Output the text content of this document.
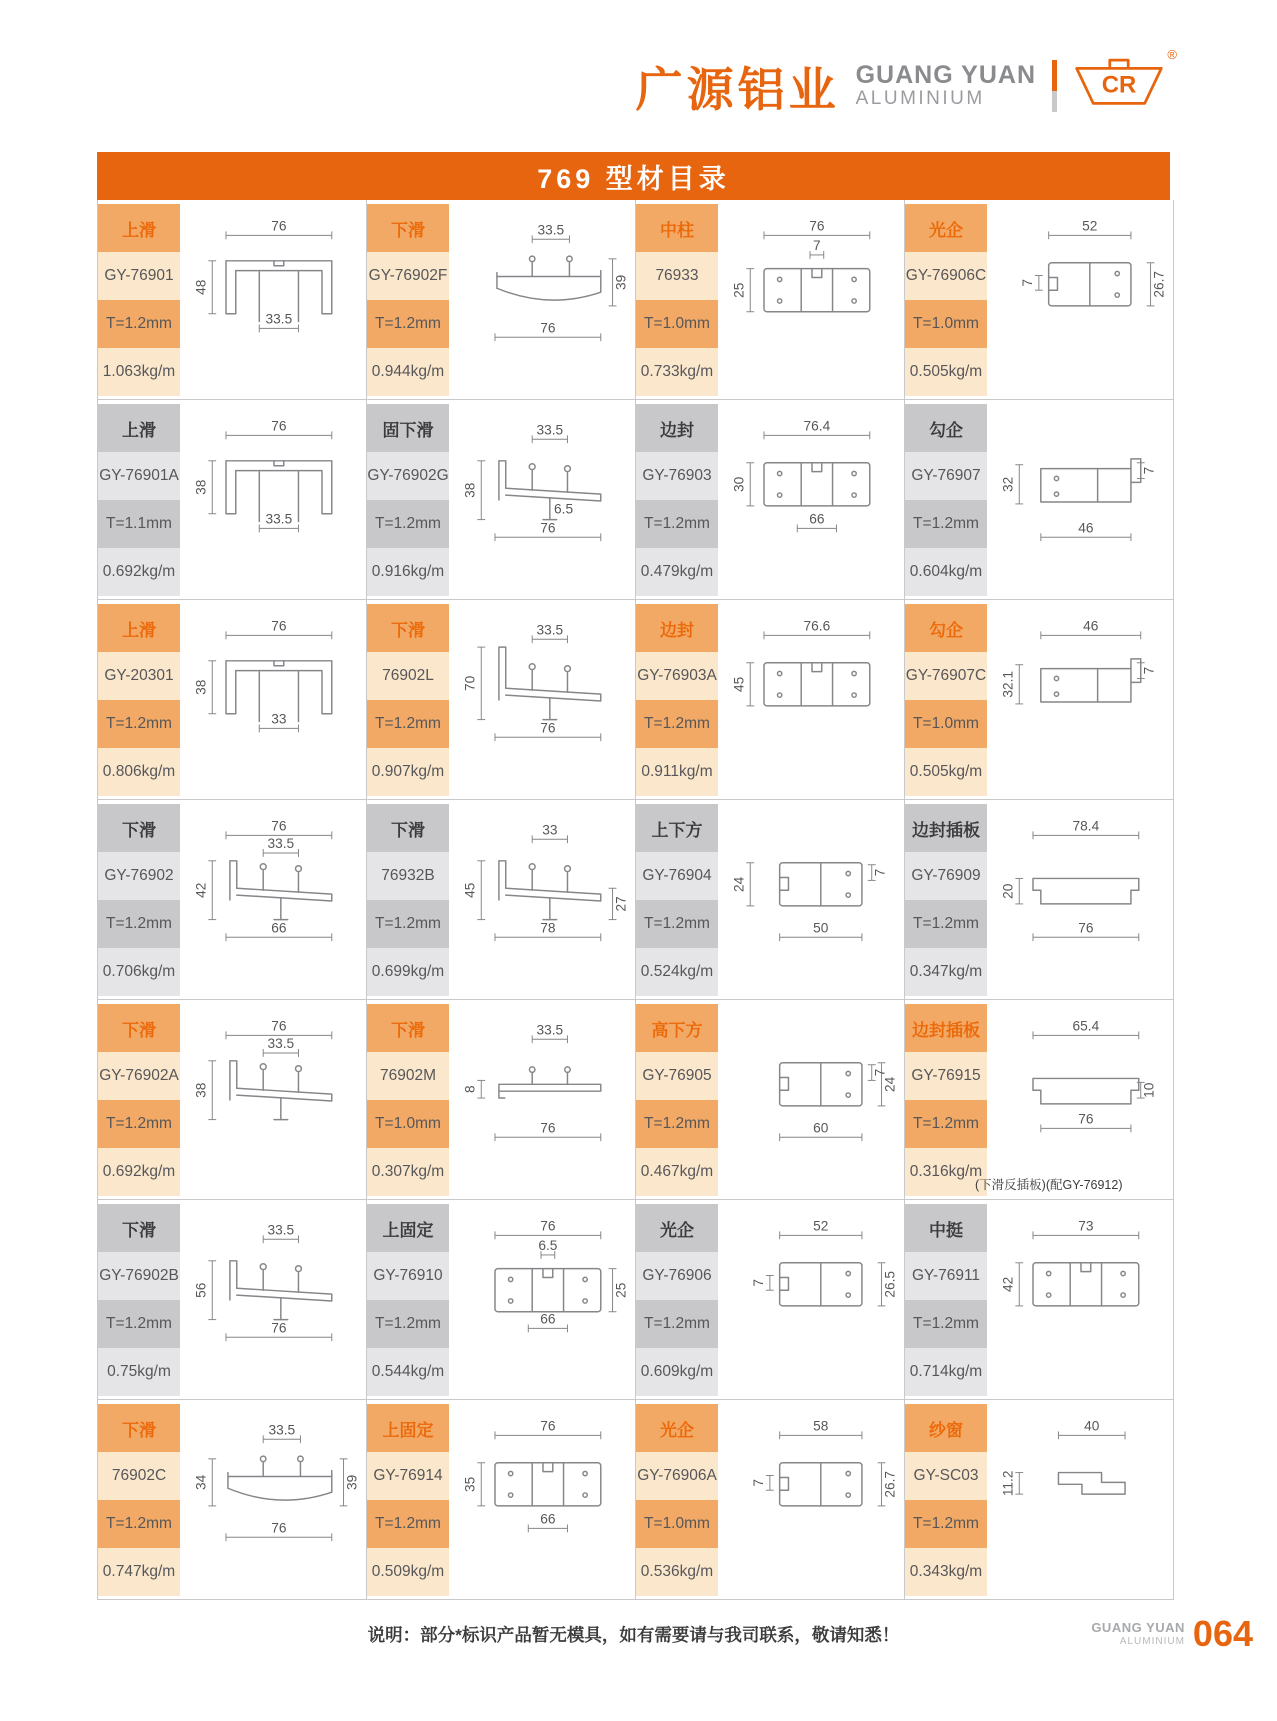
广源铝业 GUANG YUAN
ALUMINIUM
CR
®
769 型材目录
上滑
GY-76901
T=1.2mm
1.063kg/m
76
48
33.5
下滑
GY-76902F
T=1.2mm
0.944kg/m
33.5
39
76
中柱
76933
T=1.0mm
0.733kg/m
76
7
25
光企
GY-76906C
T=1.0mm
0.505kg/m
52
7	26.7
上滑
GY-76901A
T=1.1mm
0.692kg/m
76
38
33.5
固下滑
GY-76902G
T=1.2mm
0.916kg/m
33.5
38
6.5
76
边封
GY-76903
T=1.2mm
0.479kg/m
76.4
30
66
勾企
GY-76907
T=1.2mm
0.604kg/m
32
7
46
上滑
GY-20301
T=1.2mm
0.806kg/m
76
38
33
下滑
76902L
T=1.2mm
0.907kg/m
33.5
70
76
边封
GY-76903A
T=1.2mm
0.911kg/m
76.6
45
勾企
GY-76907C
T=1.0mm
0.505kg/m
46
32.1
7
下滑
GY-76902
T=1.2mm
0.706kg/m
76
33.5
42
66
下滑
76932B
T=1.2mm
0.699kg/m
33
45
27
78
上下方
GY-76904
T=1.2mm
0.524kg/m
24
7
50
边封插板
GY-76909
T=1.2mm
0.347kg/m
78.4
20
76
下滑
GY-76902A
T=1.2mm
0.692kg/m
76
33.5
38
下滑
76902M
T=1.0mm
0.307kg/m
33.5
8
76
高下方
GY-76905
T=1.2mm
0.467kg/m
7
24
60
边封插板
GY-76915
T=1.2mm
0.316kg/m
65.4
76
10
(下滑反插板)(配GY-76912)
下滑
GY-76902B
T=1.2mm
0.75kg/m
33.5
56
76
上固定
GY-76910
T=1.2mm
0.544kg/m
76
6.5
66
25
光企
GY-76906
T=1.2mm
0.609kg/m
52
7	26.5
中挺
GY-76911
T=1.2mm
0.714kg/m
73
42
下滑
76902C
T=1.2mm
0.747kg/m
33.5
34	39
76
上固定
GY-76914
T=1.2mm
0.509kg/m
76
35
66
光企
GY-76906A
T=1.0mm
0.536kg/m
58
7	26.7
纱窗
GY-SC03
T=1.2mm
0.343kg/m
40
11.2
说明：部分*标识产品暂无模具，如有需要请与我司联系，敬请知悉！	GUANG YUAN
ALUMINIUM 064
